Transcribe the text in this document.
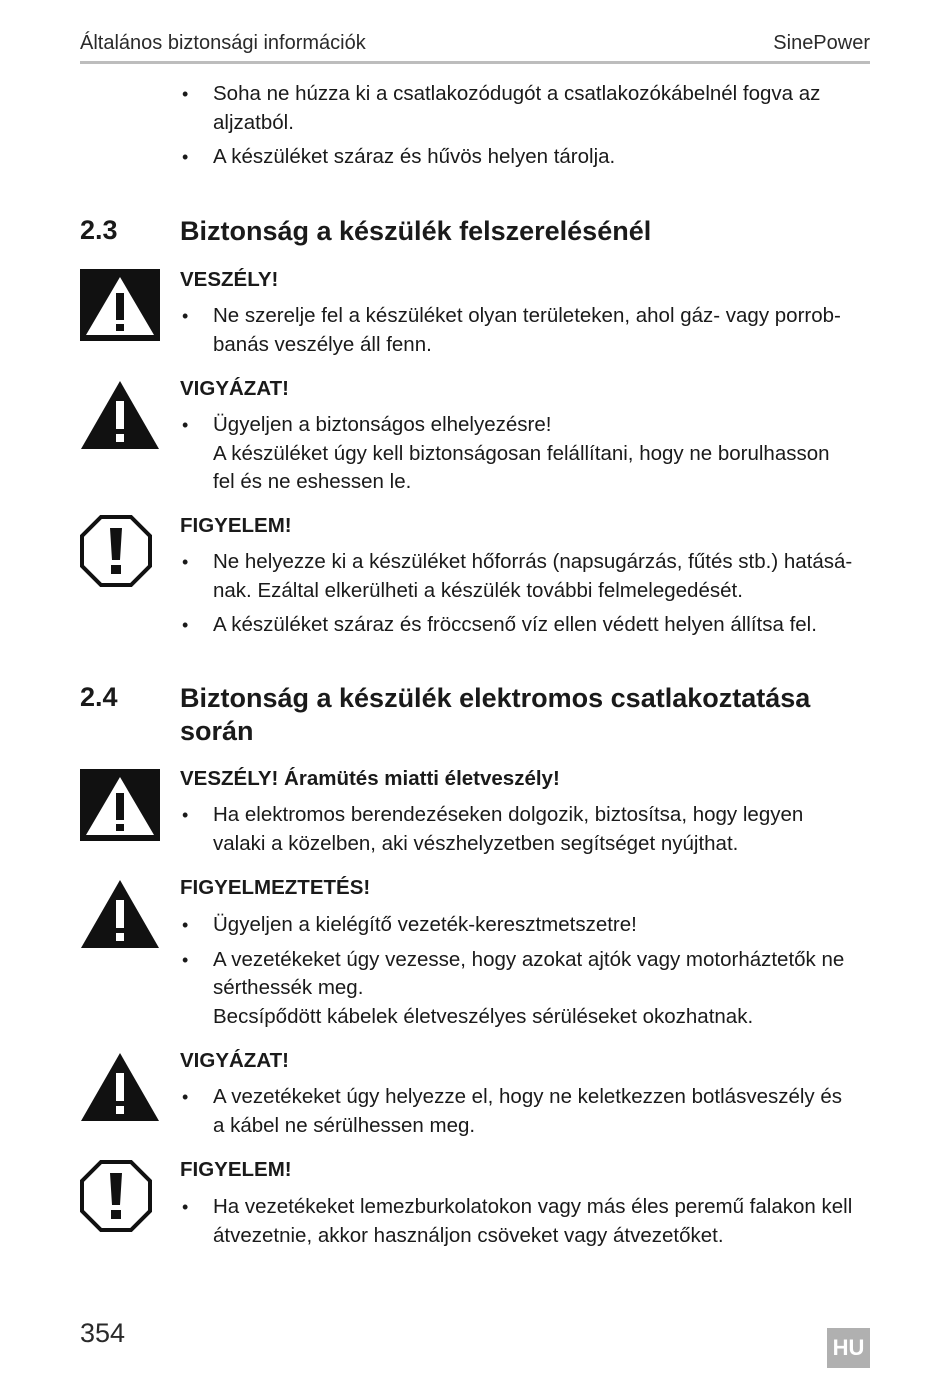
Általános biztonsági információk	SinePower
• Soha ne húzza ki a csatlakozódugót a csatlakozókábelnél fogva az
aljzatból.
• A készüléket száraz és hűvös helyen tárolja.
2.3 Biztonság a készülék felszerelésénél
VESZÉLY!
• Ne szerelje fel a készüléket olyan területeken, ahol gáz- vagy porrob-
banás veszélye áll fenn.
VIGYÁZAT!
• Ügyeljen a biztonságos elhelyezésre!
A készüléket úgy kell biztonságosan felállítani, hogy ne borulhasson
fel és ne eshessen le.
FIGYELEM!
• Ne helyezze ki a készüléket hőforrás (napsugárzás, fűtés stb.) hatásá-
nak. Ezáltal elkerülheti a készülék további felmelegedését.
• A készüléket száraz és fröccsenő víz ellen védett helyen állítsa fel.
2.4 Biztonság a készülék elektromos csatlakoztatása
során
VESZÉLY! Áramütés miatti életveszély!
• Ha elektromos berendezéseken dolgozik, biztosítsa, hogy legyen
valaki a közelben, aki vészhelyzetben segítséget nyújthat.
FIGYELMEZTETÉS!
• Ügyeljen a kielégítő vezeték-keresztmetszetre!
• A vezetékeket úgy vezesse, hogy azokat ajtók vagy motorháztetők ne
sérthessék meg.
Becsípődött kábelek életveszélyes sérüléseket okozhatnak.
VIGYÁZAT!
• A vezetékeket úgy helyezze el, hogy ne keletkezzen botlásveszély és
a kábel ne sérülhessen meg.
FIGYELEM!
• Ha vezetékeket lemezburkolatokon vagy más éles peremű falakon kell
átvezetnie, akkor használjon csöveket vagy átvezetőket.
354	HU
